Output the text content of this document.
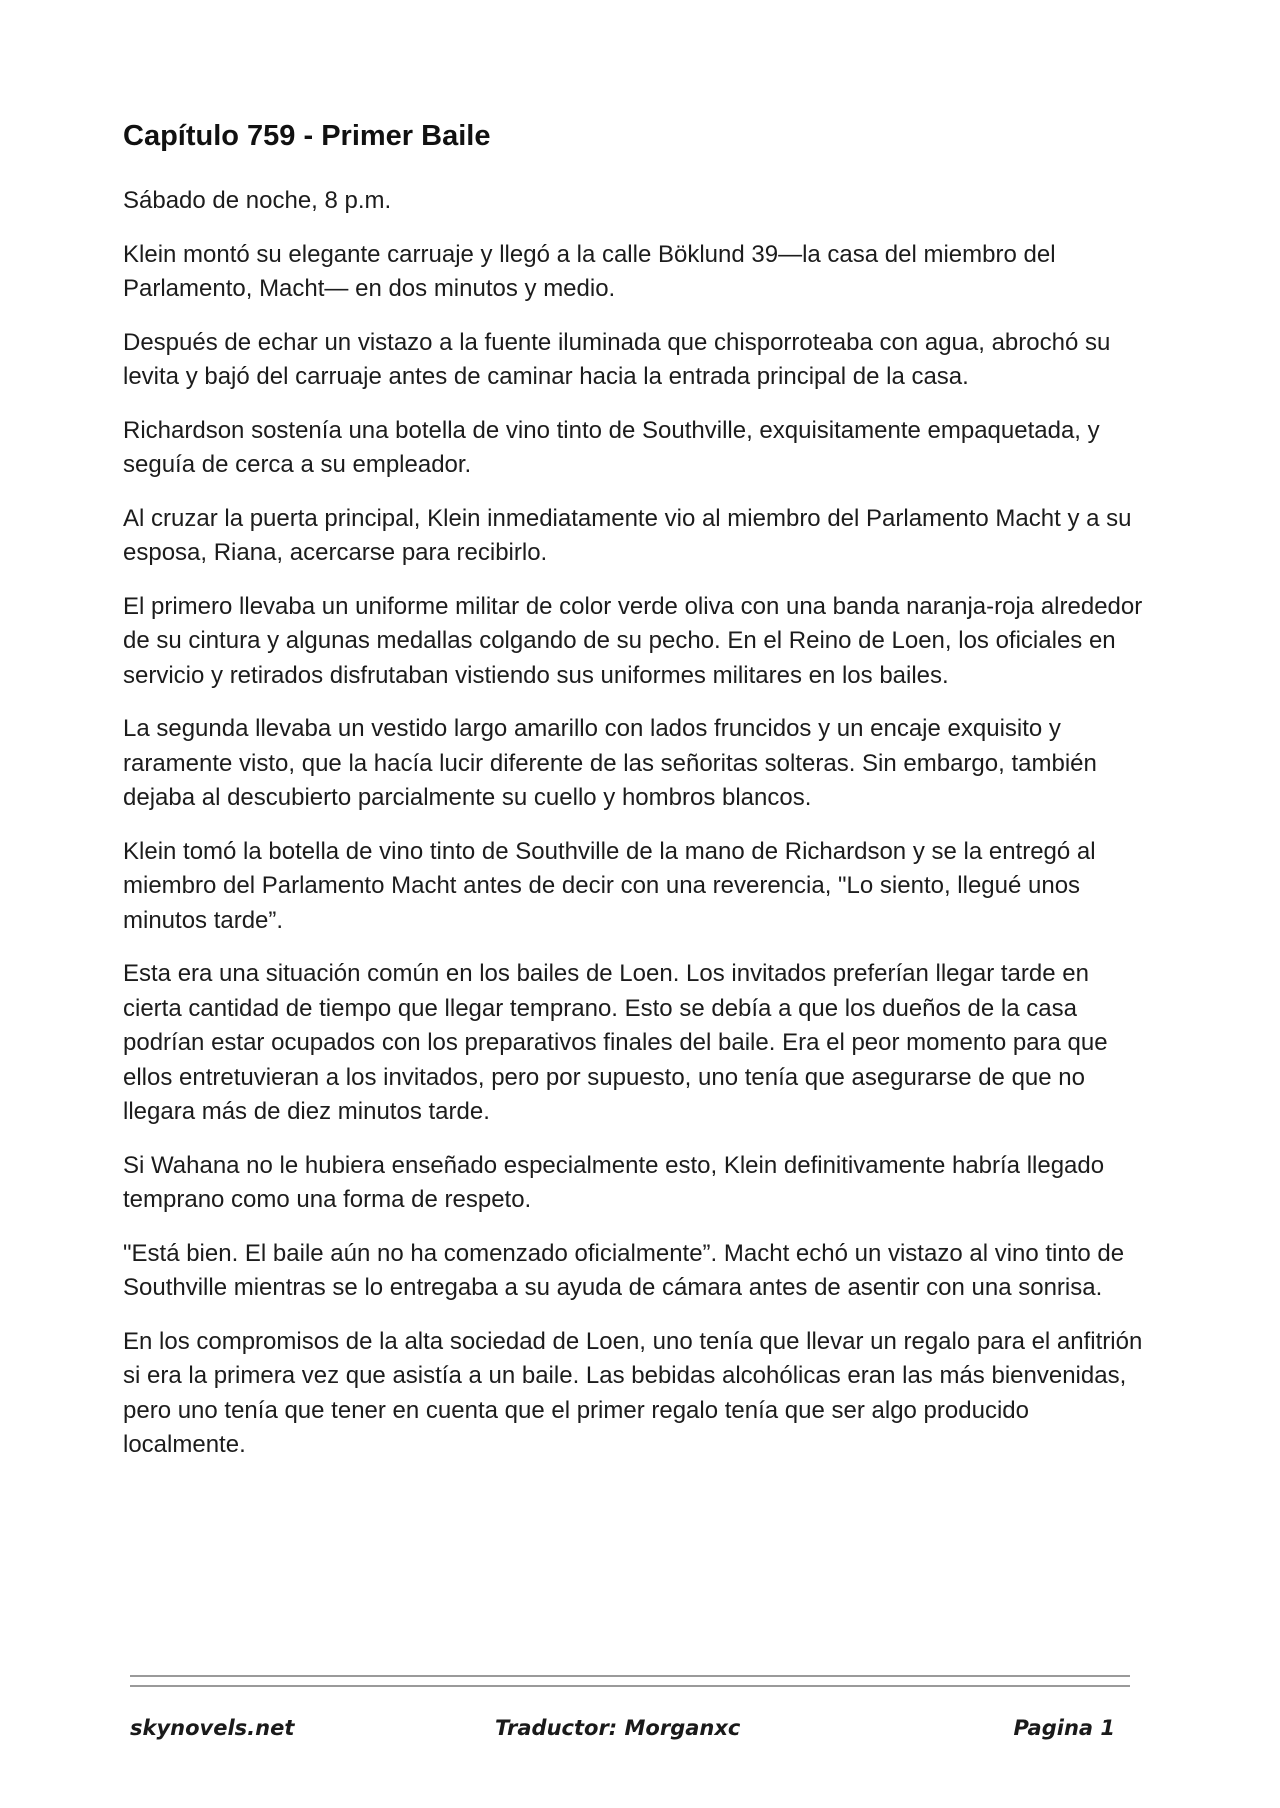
Capítulo 759 - Primer Baile

Sábado de noche, 8 p.m.

Klein montó su elegante carruaje y llegó a la calle Böklund 39—la casa del miembro del Parlamento, Macht— en dos minutos y medio.

Después de echar un vistazo a la fuente iluminada que chisporroteaba con agua, abrochó su levita y bajó del carruaje antes de caminar hacia la entrada principal de la casa.

Richardson sostenía una botella de vino tinto de Southville, exquisitamente empaquetada, y seguía de cerca a su empleador.

Al cruzar la puerta principal, Klein inmediatamente vio al miembro del Parlamento Macht y a su esposa, Riana, acercarse para recibirlo.

El primero llevaba un uniforme militar de color verde oliva con una banda naranja-roja alrededor de su cintura y algunas medallas colgando de su pecho. En el Reino de Loen, los oficiales en servicio y retirados disfrutaban vistiendo sus uniformes militares en los bailes.

La segunda llevaba un vestido largo amarillo con lados fruncidos y un encaje exquisito y raramente visto, que la hacía lucir diferente de las señoritas solteras. Sin embargo, también dejaba al descubierto parcialmente su cuello y hombros blancos.

Klein tomó la botella de vino tinto de Southville de la mano de Richardson y se la entregó al miembro del Parlamento Macht antes de decir con una reverencia, "Lo siento, llegué unos minutos tarde”.

Esta era una situación común en los bailes de Loen. Los invitados preferían llegar tarde en cierta cantidad de tiempo que llegar temprano. Esto se debía a que los dueños de la casa podrían estar ocupados con los preparativos finales del baile. Era el peor momento para que ellos entretuvieran a los invitados, pero por supuesto, uno tenía que asegurarse de que no llegara más de diez minutos tarde.

Si Wahana no le hubiera enseñado especialmente esto, Klein definitivamente habría llegado temprano como una forma de respeto.

"Está bien. El baile aún no ha comenzado oficialmente”. Macht echó un vistazo al vino tinto de Southville mientras se lo entregaba a su ayuda de cámara antes de asentir con una sonrisa.

En los compromisos de la alta sociedad de Loen, uno tenía que llevar un regalo para el anfitrión si era la primera vez que asistía a un baile. Las bebidas alcohólicas eran las más bienvenidas, pero uno tenía que tener en cuenta que el primer regalo tenía que ser algo producido localmente.

skynovels.net	Traductor: Morganxc	Pagina 1
